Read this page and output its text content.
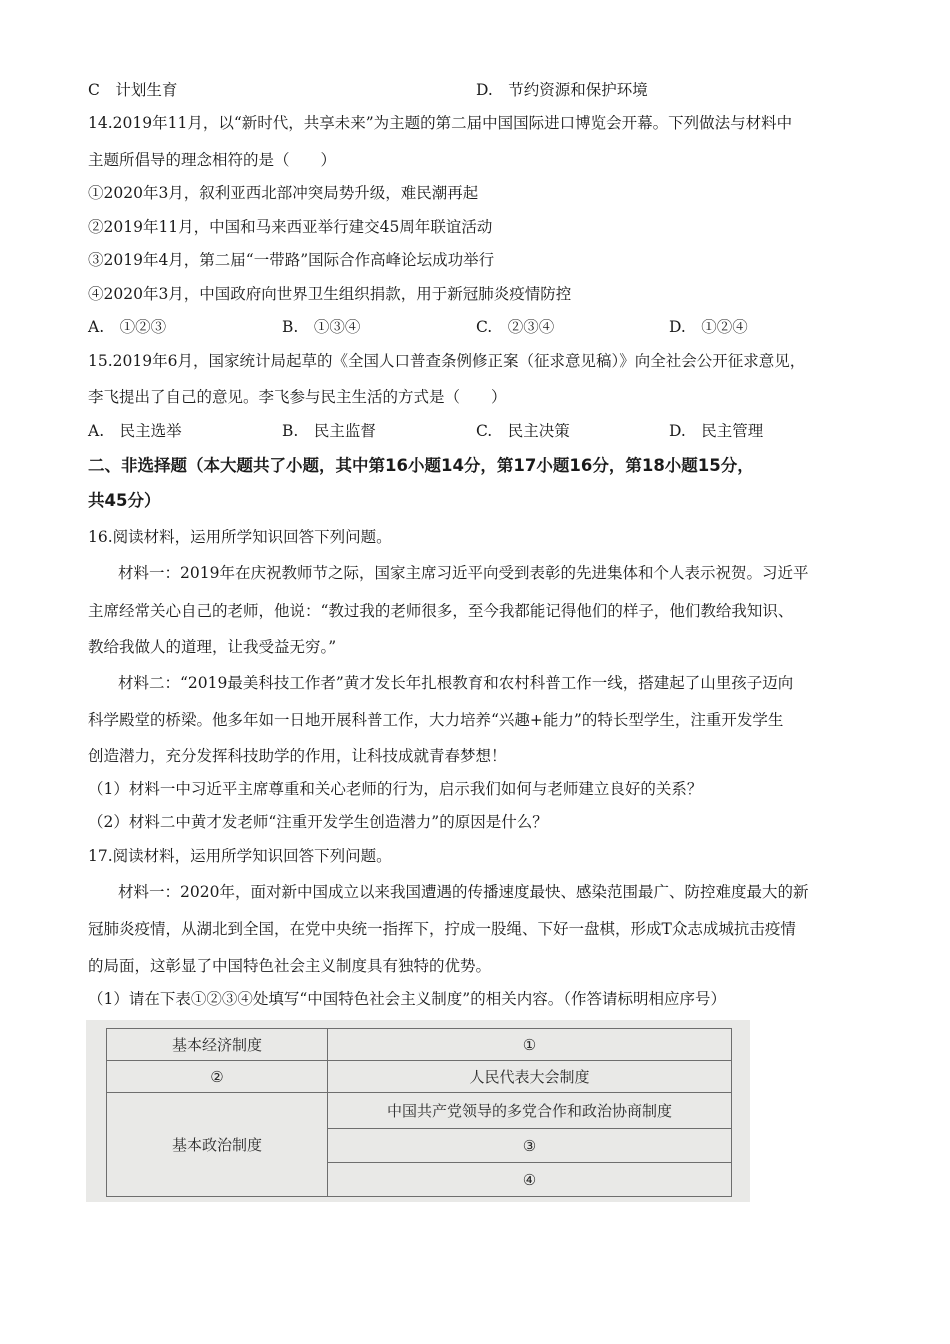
C　计划生育	D.　节约资源和保护环境
14.2019年11月，以“新时代，共享未来”为主题的第二届中国国际进口博览会开幕。下列做法与材料中
主题所倡导的理念相符的是（　　）
①2020年3月，叙利亚西北部冲突局势升级，难民潮再起
②2019年11月，中国和马来西亚举行建交45周年联谊活动
③2019年4月，第二届“一带路”国际合作高峰论坛成功举行
④2020年3月，中国政府向世界卫生组织捐款，用于新冠肺炎疫情防控
A.　①②③	B.　①③④	C.　②③④	D.　①②④
15.2019年6月，国家统计局起草的《全国人口普查条例修正案（征求意见稿）》向全社会公开征求意见，
李飞提出了自己的意见。李飞参与民主生活的方式是（　　）
A.　民主选举	B.　民主监督	C.　民主决策	D.　民主管理
二、非选择题（本大题共了小题，其中第16小题14分，第17小题16分，第18小题15分，
共45分）
16.阅读材料，运用所学知识回答下列问题。
材料一：2019年在庆祝教师节之际，国家主席习近平向受到表彰的先进集体和个人表示祝贺。习近平
主席经常关心自己的老师，他说：“教过我的老师很多，至今我都能记得他们的样子，他们教给我知识、
教给我做人的道理，让我受益无穷。”
材料二：“2019最美科技工作者”黄才发长年扎根教育和农村科普工作一线，搭建起了山里孩子迈向
科学殿堂的桥梁。他多年如一日地开展科普工作，大力培养“兴趣+能力”的特长型学生，注重开发学生
创造潜力，充分发挥科技助学的作用，让科技成就青春梦想！
（1）材料一中习近平主席尊重和关心老师的行为，启示我们如何与老师建立良好的关系？
（2）材料二中黄才发老师“注重开发学生创造潜力”的原因是什么？
17.阅读材料，运用所学知识回答下列问题。
材料一：2020年，面对新中国成立以来我国遭遇的传播速度最快、感染范围最广、防控难度最大的新
冠肺炎疫情，从湖北到全国，在党中央统一指挥下，拧成一股绳、下好一盘棋，形成T众志成城抗击疫情
的局面，这彰显了中国特色社会主义制度具有独特的优势。
（1）请在下表①②③④处填写“中国特色社会主义制度”的相关内容。（作答请标明相应序号）
基本经济制度	①
②	人民代表大会制度
基本政治制度	中国共产党领导的多党合作和政治协商制度
	③
	④
